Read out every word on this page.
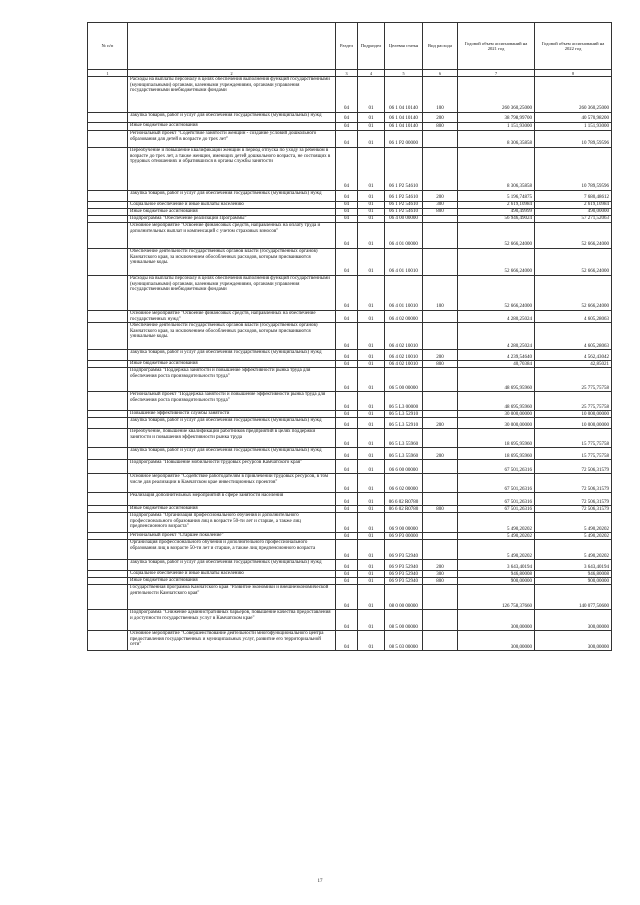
№ п/п		Раздел	Подраздел	Целевая статья	Вид расхода	Годовой объем ассигнований на 2021 год	Годовой объем ассигнований на 2022 год
1	2	3	4	5	6	7	8
	Расходы на выплаты персоналу в целях обеспечения выполнения функций государственными (муниципальными) органами, казенными учреждениями, органами управления государственными внебюджетными фондами	04	01	06 1 04 10140	100	260 360,25000	260 360,25000
	Закупка товаров, работ и услуг для обеспечения государственных (муниципальных) нужд	04	01	06 1 04 10140	200	38 798,99700	40 570,98200
	Иные бюджетные ассигнования	04	01	06 1 04 10140	800	1 151,93000	1 151,93000
	Региональный проект "Содействие занятости женщин - создание условий дошкольного образования для детей в возрасте до трех лет"	04	01	06 1 P2 00000		8 306,35858	10 789,59596
	Переобучение и повышение квалификации женщин в период отпуска по уходу за ребенком в возрасте до трех лет, а также женщин, имеющих детей дошкольного возраста, не состоящих в трудовых отношениях и обратившихся в органы службы занятости	04	01	06 1 P2 54610		8 306,35858	10 789,59596
	Закупка товаров, работ и услуг для обеспечения государственных (муниципальных) нужд	04	01	06 1 P2 54610	200	5 196,74875	7 680,48612
	Социальное обеспечение и иные выплаты населению	04	01	06 1 P2 54610	300	2 619,10984	2 619,10984
	Иные бюджетные ассигнования	04	01	06 1 P2 54610	800	490,49999	490,00000
	Подпрограмма "Обеспечение реализации Программы"	04	01	06 4 00 00000		56 946,49024	57 271,52063
	Основное мероприятие "Освоение финансовых средств, направленных на оплату труда и дополнительных выплат и компенсаций с учетом страховых взносов"	04	01	06 4 01 00000		52 666,24000	52 666,24000
	Обеспечение деятельности государственных органов власти (государственных органов) Камчатского края, за исключением обособленных расходов, которым присваиваются уникальные коды.	04	01	06 4 01 10010		52 666,24000	52 666,24000
	Расходы на выплаты персоналу в целях обеспечения выполнения функций государственными (муниципальными) органами, казенными учреждениями, органами управления государственными внебюджетными фондами	04	01	06 4 01 10010	100	52 666,24000	52 666,24000
	Основное мероприятие "Освоение финансовых средств, направленных на обеспечение государственных нужд"	04	01	06 4 02 00000		4 280,25024	4 605,28063
	Обеспечение деятельности государственных органов власти (государственных органов) Камчатского края, за исключением обособленных расходов, которым присваиваются уникальные коды.	04	01	06 4 02 10010		4 280,25024	4 605,28063
	Закупка товаров, работ и услуг для обеспечения государственных (муниципальных) нужд	04	01	06 4 02 10010	200	4 239,54640	4 562,43042
	Иные бюджетные ассигнования	04	01	06 4 02 10010	800	40,70384	42,85021
	Подпрограмма "Поддержка занятости и повышение эффективности рынка труда для обеспечения роста производительности труда"	04	01	06 5 00 00000		48 695,95960	25 775,75758
	Региональный проект "Поддержка занятости и повышение эффективности рынка труда для обеспечения роста производительности труда"	04	01	06 5 L3 00000		48 695,95960	25 775,75758
	Повышение эффективности службы занятости	04	01	06 5 L3 52910		30 000,00000	10 000,00000
	Закупка товаров, работ и услуг для обеспечения государственных (муниципальных) нужд	04	01	06 5 L3 52910	200	30 000,00000	10 000,00000
	Переобучение, повышение квалификации работников предприятий в целях поддержки занятости и повышения эффективности рынка труда	04	01	06 5 L3 55960		18 695,95960	15 775,75758
	Закупка товаров, работ и услуг для обеспечения государственных (муниципальных) нужд	04	01	06 5 L3 55960	200	18 695,95960	15 775,75758
	Подпрограмма "Повышение мобильности трудовых ресурсов Камчатского края"	04	01	06 6 00 00000		67 501,26316	72 506,31579
	Основное мероприятие "Содействие работодателям в привлечении трудовых ресурсов, в том числе для реализации в Камчатском крае инвестиционных проектов"	04	01	06 6 02 00000		67 501,26316	72 506,31579
	Реализация дополнительных мероприятий в сфере занятости населения	04	01	06 6 02 R0780		67 501,26316	72 506,31579
	Иные бюджетные ассигнования	04	01	06 6 02 R0780	800	67 501,26316	72 506,31579
	Подпрограмма "Организация профессионального обучения и дополнительного профессионального образования лиц в возрасте 50-ти лет и старше, а также лиц предпенсионного возраста"	04	01	06 9 00 00000		5 490,20202	5 490,20202
	Региональный проект "Старшее поколение"	04	01	06 9 P3 00000		5 490,20202	5 490,20202
	Организация профессионального обучения и дополнительного профессионального образования лиц в возрасте 50-ти лет и старше, а также лиц предпенсионного возраста	04	01	06 9 P3 52940		5 490,20202	5 490,20202
	Закупка товаров, работ и услуг для обеспечения государственных (муниципальных) нужд	04	01	06 9 P3 52940	200	3 643,40194	3 643,40194
	Социальное обеспечение и иные выплаты населению	04	01	06 9 P3 52940	300	946,80008	946,80008
	Иные бюджетные ассигнования	04	01	06 9 P3 52940	800	900,00000	900,00000
	Государственная программа Камчатского края "Развитие экономики и внешнеэкономической деятельности Камчатского края"	04	01	08 0 00 00000		126 758,37660	140 077,50600
	Подпрограмма "Снижение административных барьеров, повышение качества предоставления и доступности государственных услуг в Камчатском крае"	04	01	08 5 00 00000		300,00000	300,00000
	Основное мероприятие "Совершенствование деятельности многофункционального центра предоставления государственных и муниципальных услуг, развитие его территориальной сети"	04	01	08 5 03 00000		300,00000	300,00000
17
